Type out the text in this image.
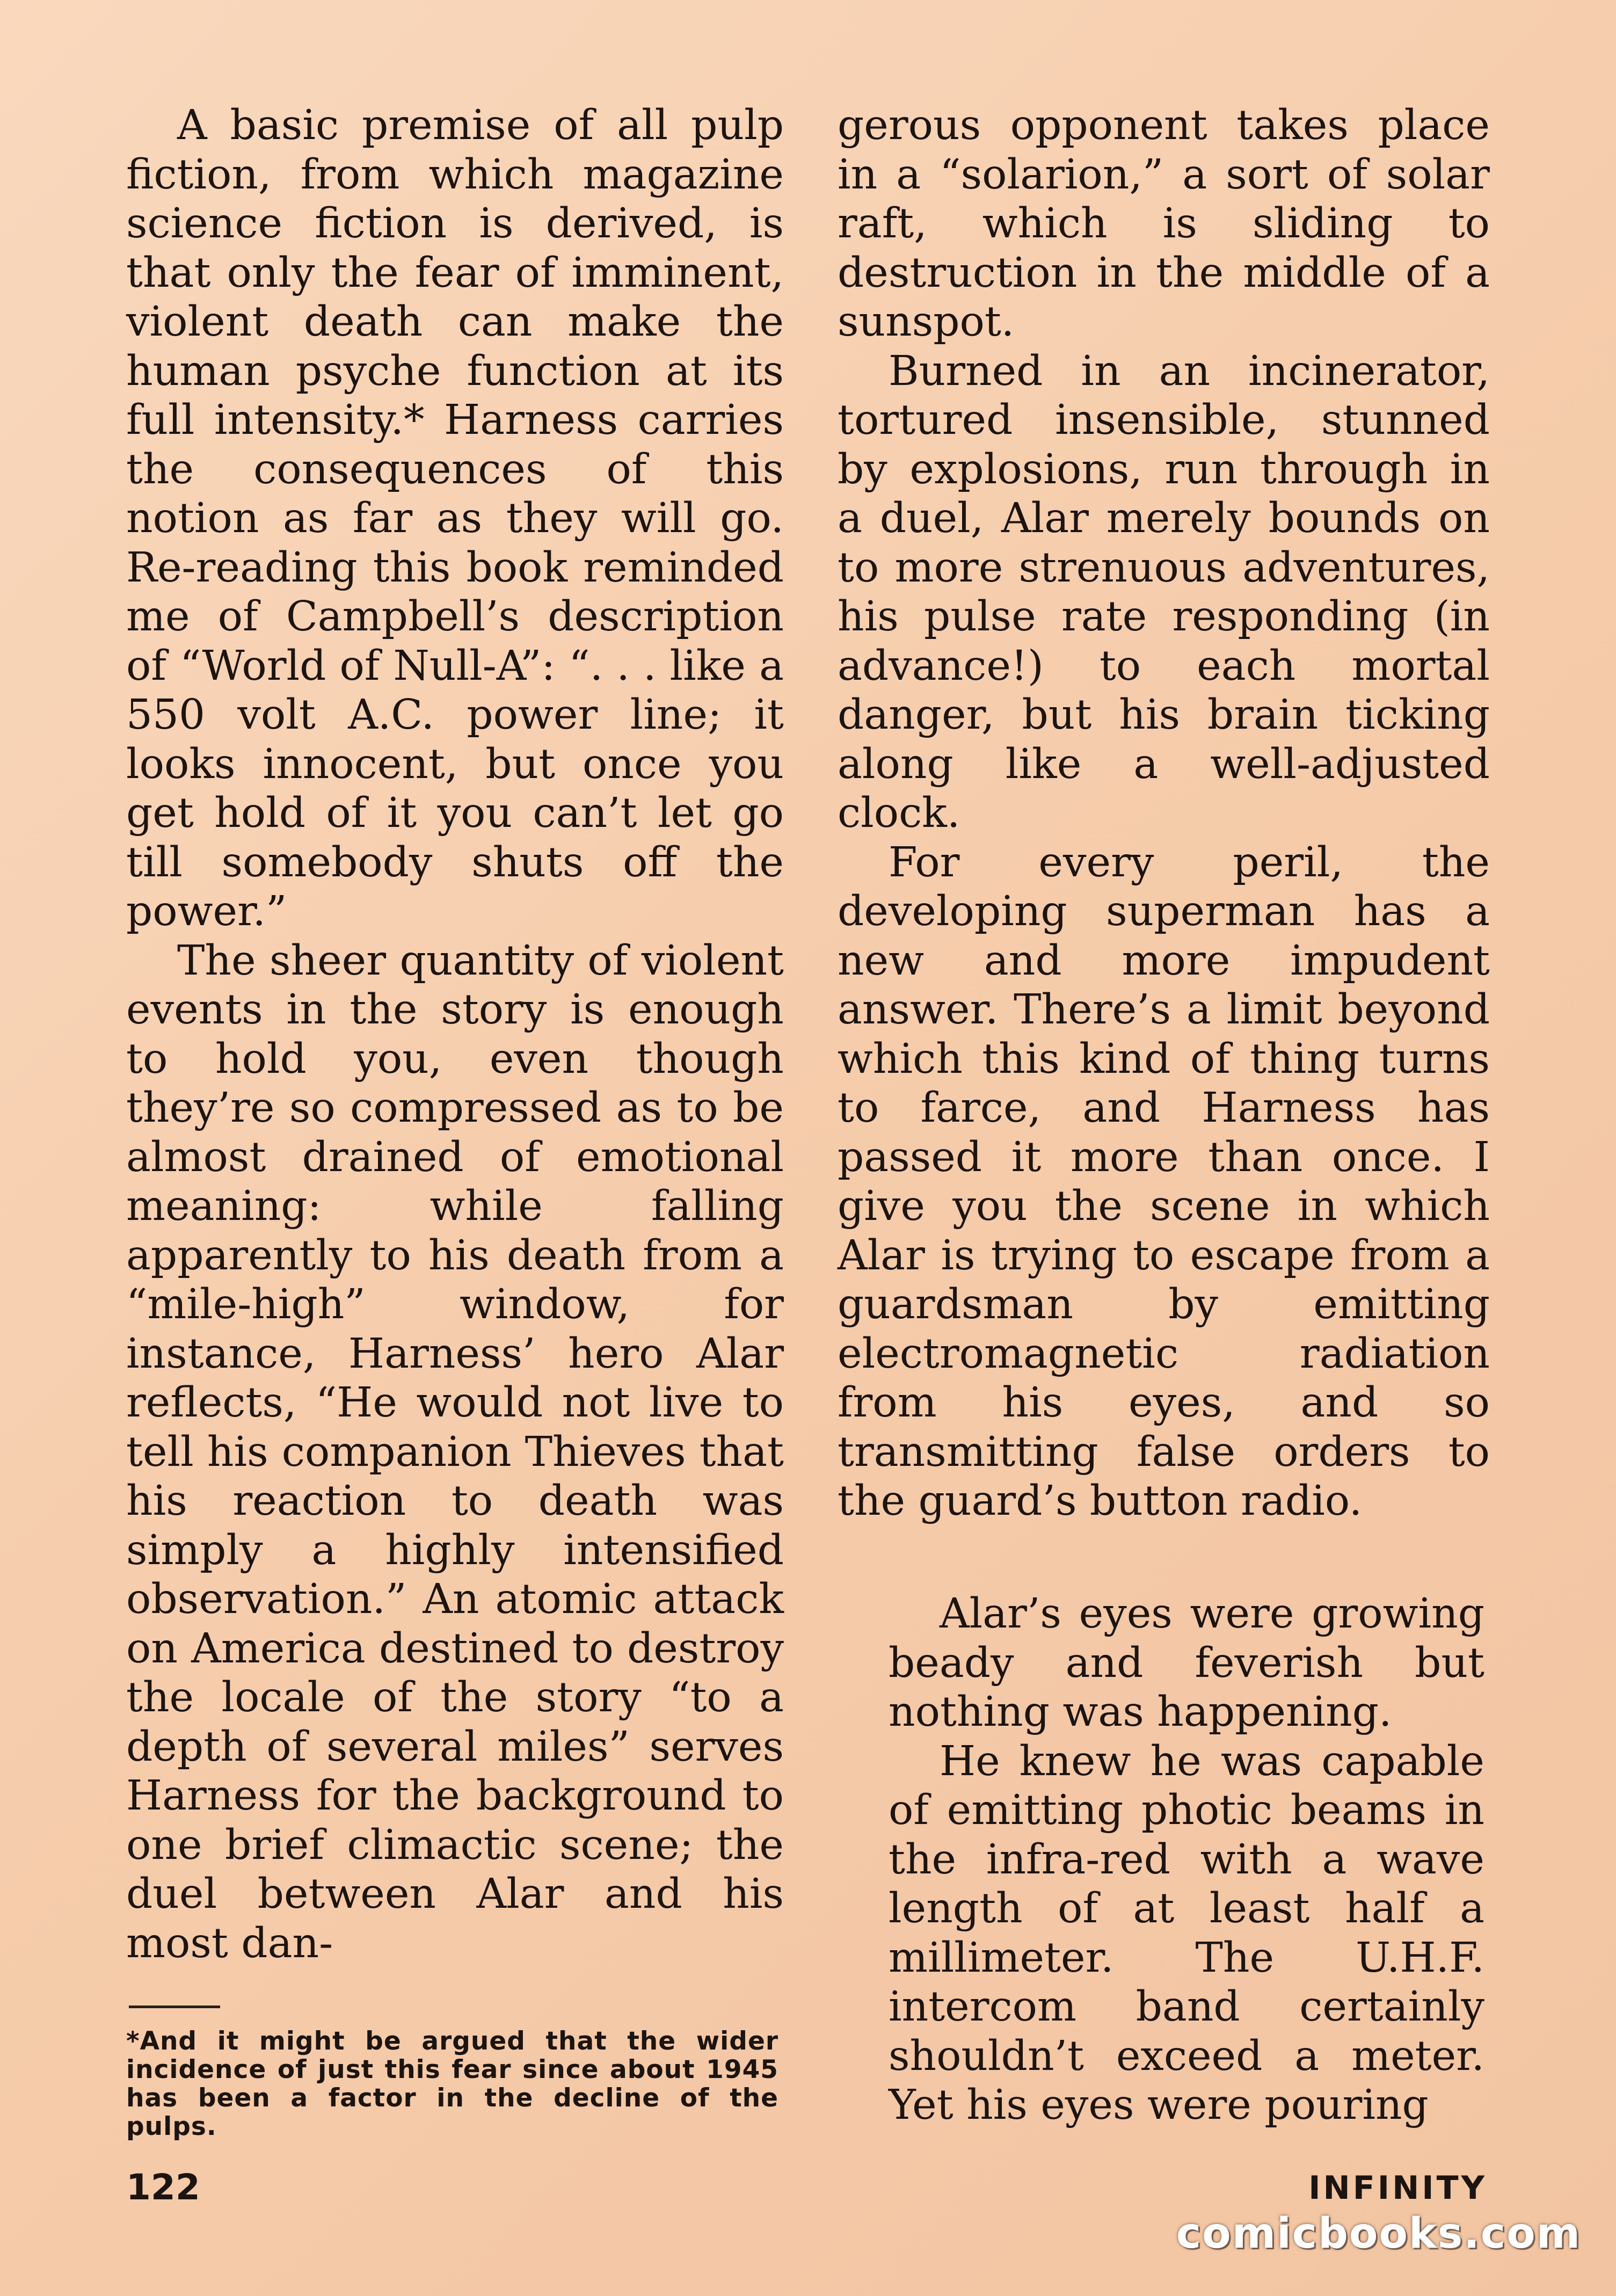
A basic premise of all pulp fiction, from which magazine science fiction is derived, is that only the fear of imminent, violent death can make the human psyche function at its full intensity.* Harness carries the consequences of this notion as far as they will go. Re-reading this book reminded me of Campbell’s description of “World of Null-A”: “. . . like a 550 volt A.C. power line; it looks innocent, but once you get hold of it you can’t let go till somebody shuts off the power.”

The sheer quantity of violent events in the story is enough to hold you, even though they’re so compressed as to be almost drained of emotional meaning: while falling apparently to his death from a “mile-high” window, for instance, Harness’ hero Alar reflects, “He would not live to tell his companion Thieves that his reaction to death was simply a highly intensified observation.” An atomic attack on America destined to destroy the locale of the story “to a depth of several miles” serves Harness for the background to one brief climactic scene; the duel between Alar and his most dan-

gerous opponent takes place in a “solarion,” a sort of solar raft, which is sliding to destruction in the middle of a sunspot.

Burned in an incinerator, tortured insensible, stunned by explosions, run through in a duel, Alar merely bounds on to more strenuous adventures, his pulse rate responding (in advance!) to each mortal danger, but his brain ticking along like a well-adjusted clock.

For every peril, the developing superman has a new and more impudent answer. There’s a limit beyond which this kind of thing turns to farce, and Harness has passed it more than once. I give you the scene in which Alar is trying to escape from a guardsman by emitting electromagnetic radiation from his eyes, and so transmitting false orders to the guard’s button radio.

Alar’s eyes were growing beady and feverish but nothing was happening.

He knew he was capable of emitting photic beams in the infra-red with a wave length of at least half a millimeter. The U.H.F. intercom band certainly shouldn’t exceed a meter. Yet his eyes were pouring

*And it might be argued that the wider incidence of just this fear since about 1945 has been a factor in the decline of the pulps.
122	INFINITY
comicbooks.com
